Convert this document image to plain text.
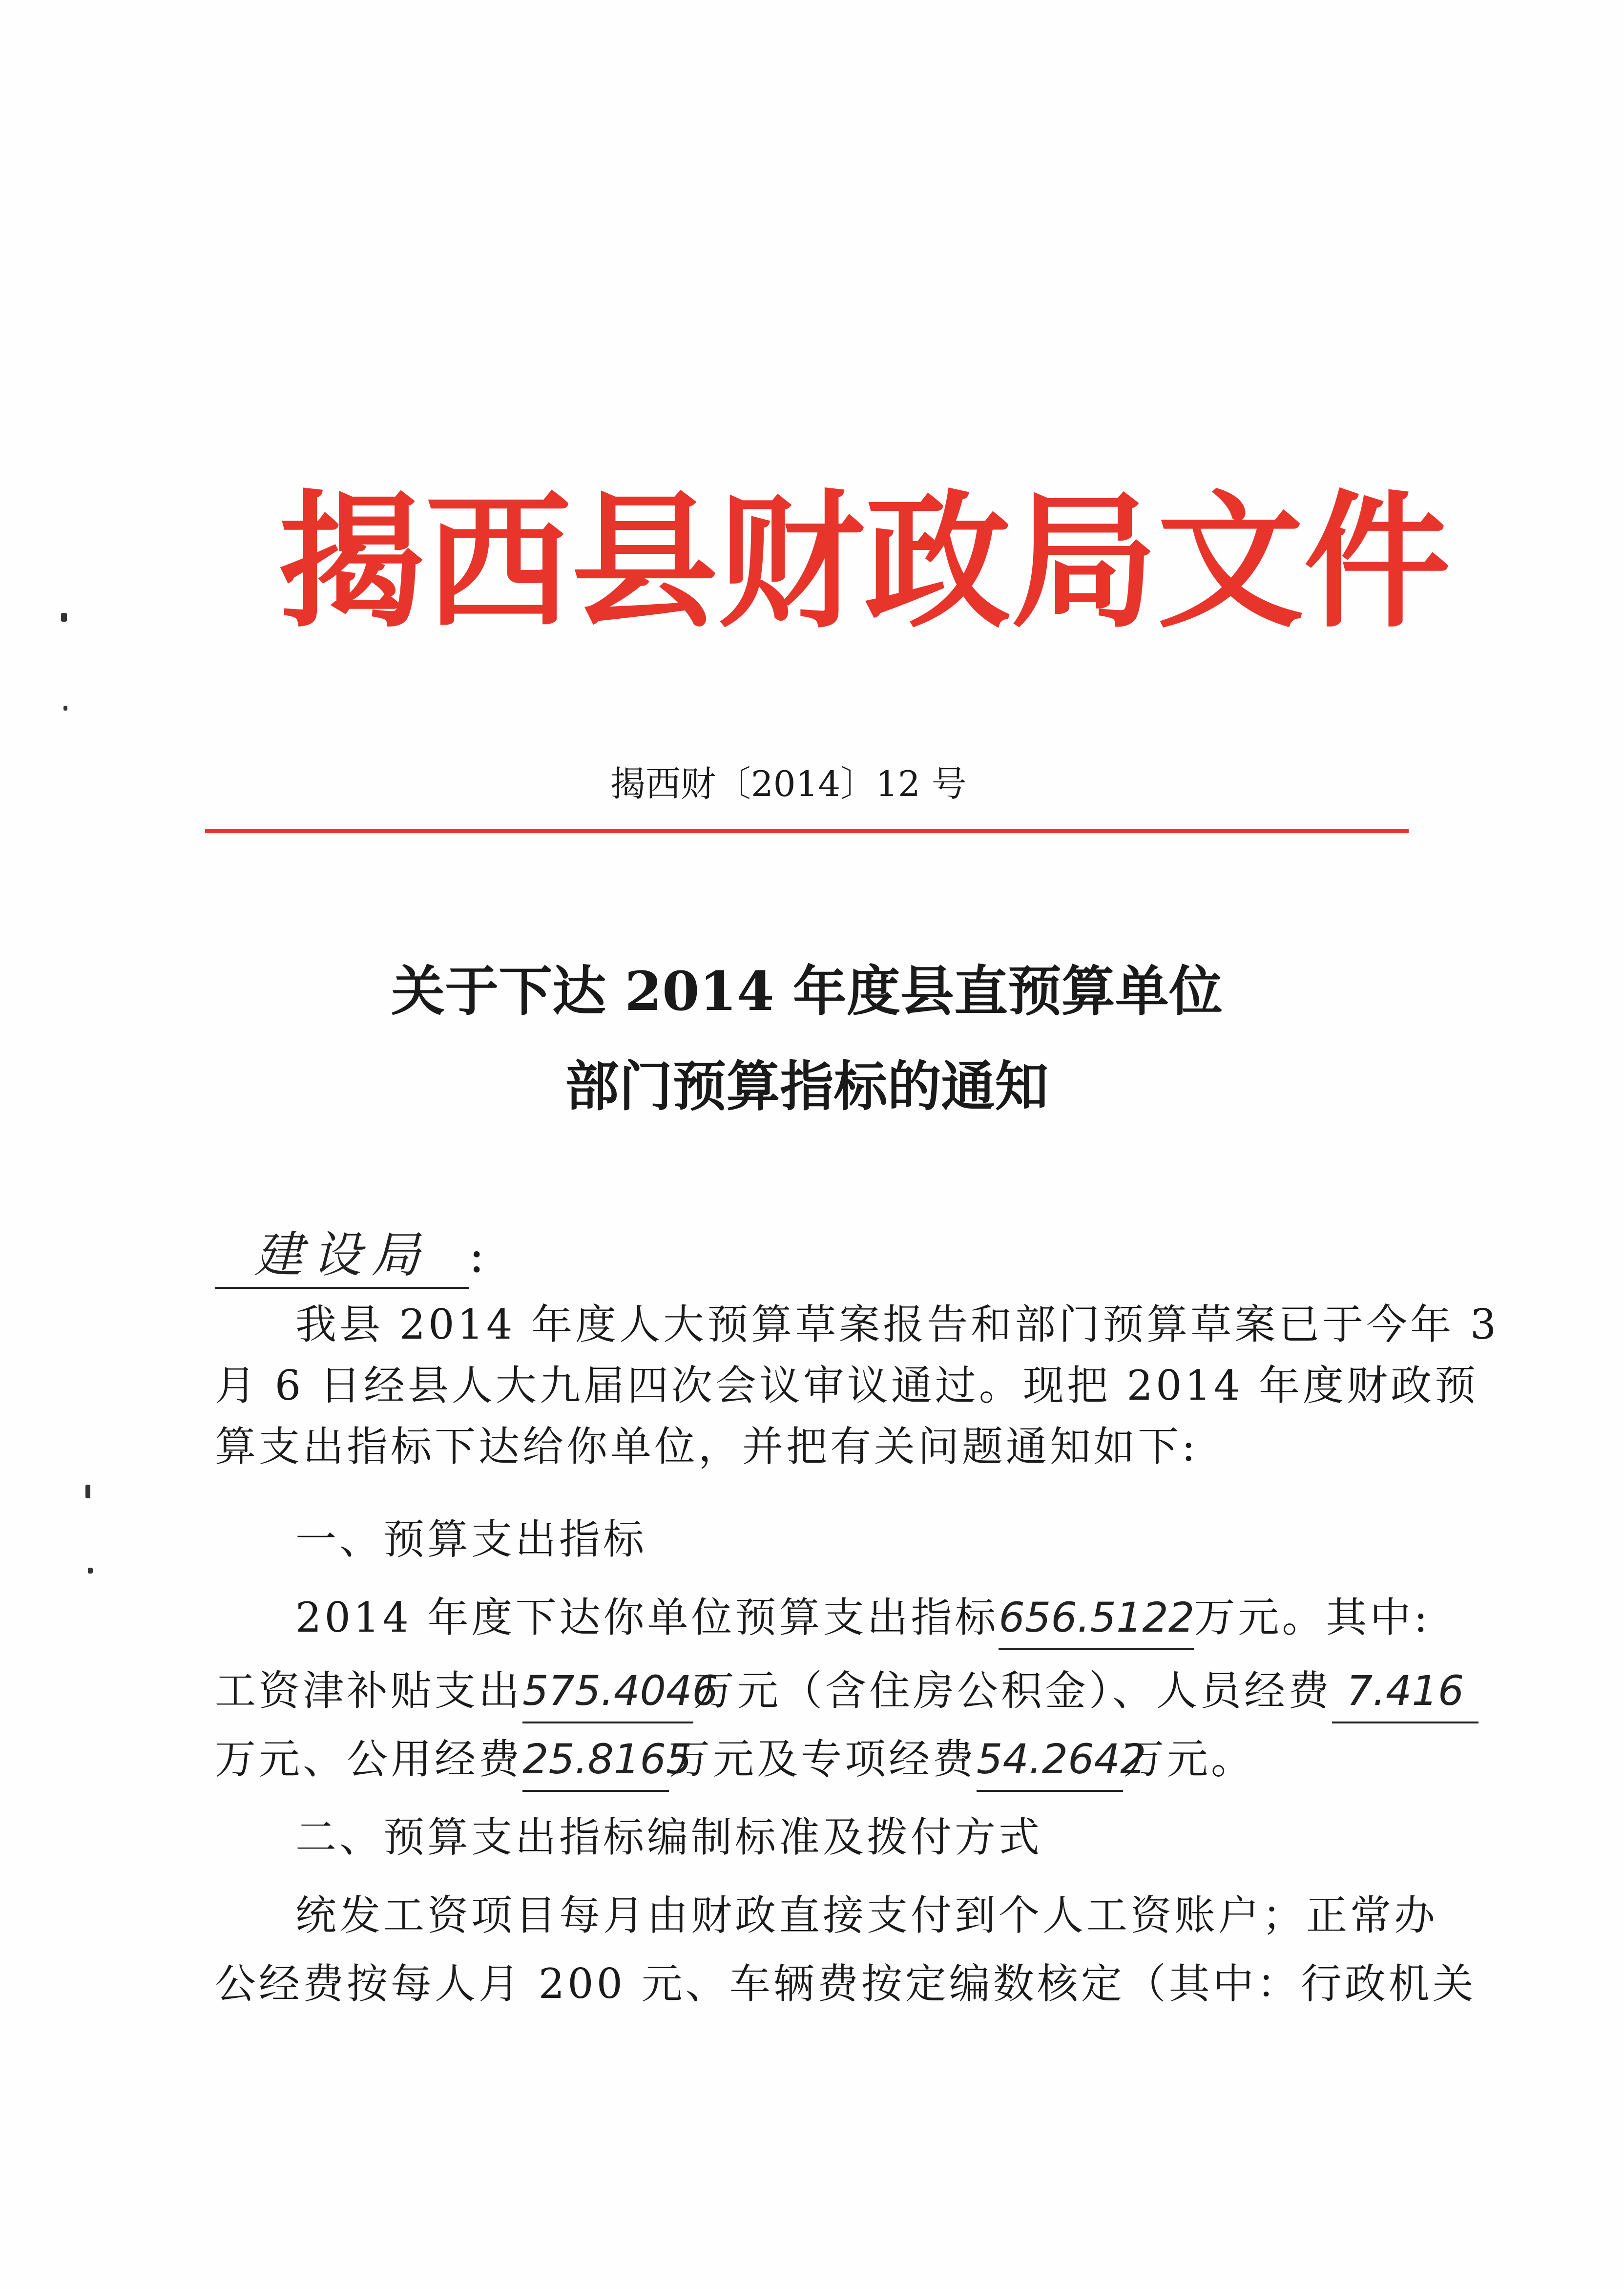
揭西县财政局文件
揭西财〔2014〕12 号
关于下达 2014 年度县直预算单位
部门预算指标的通知
建设局 :
我县 2014 年度人大预算草案报告和部门预算草案已于今年 3
月 6 日经县人大九届四次会议审议通过。现把 2014 年度财政预
算支出指标下达给你单位，并把有关问题通知如下:
一、预算支出指标
2014 年度下达你单位预算支出指标656.5122万元。其中:
工资津补贴支出575.4046万元（含住房公积金）、人员经费 7.416
万元、公用经费25.8165万元及专项经费54.2642万元。
二、预算支出指标编制标准及拨付方式
统发工资项目每月由财政直接支付到个人工资账户；正常办
公经费按每人月 200 元、车辆费按定编数核定（其中：行政机关
